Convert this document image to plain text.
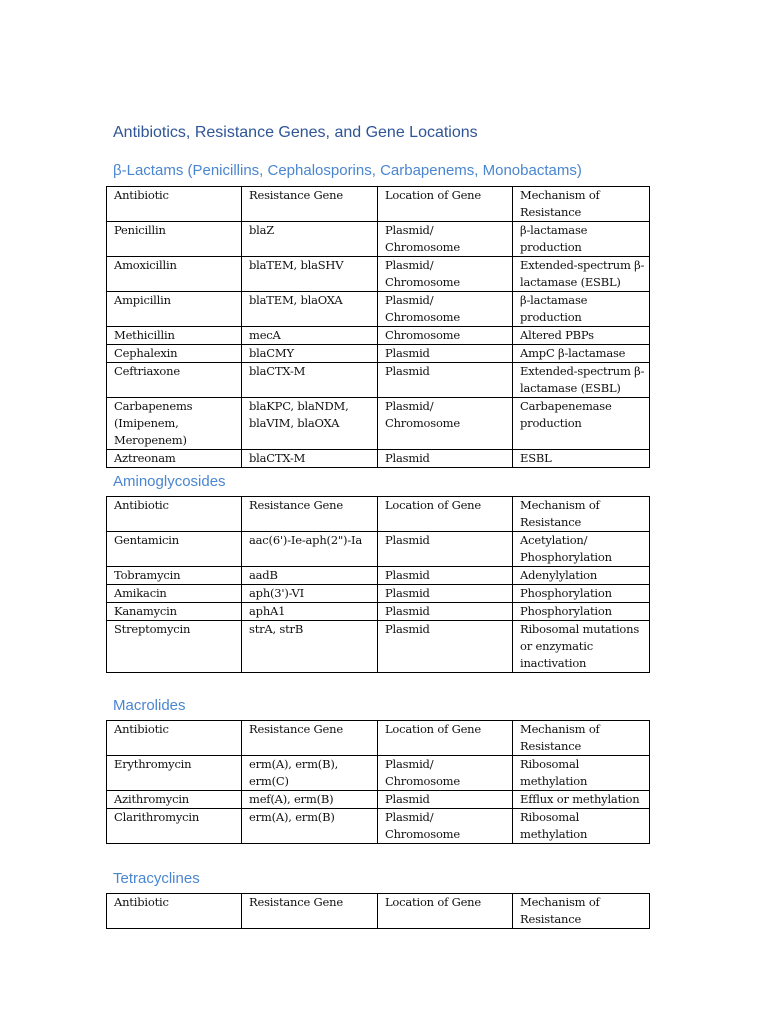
Antibiotics, Resistance Genes, and Gene Locations
β-Lactams (Penicillins, Cephalosporins, Carbapenems, Monobactams)
Antibiotic	Resistance Gene	Location of Gene	Mechanism of Resistance
Penicillin	blaZ	Plasmid/ Chromosome	β-lactamase production
Amoxicillin	blaTEM, blaSHV	Plasmid/ Chromosome	Extended-spectrum β-lactamase (ESBL)
Ampicillin	blaTEM, blaOXA	Plasmid/ Chromosome	β-lactamase production
Methicillin	mecA	Chromosome	Altered PBPs
Cephalexin	blaCMY	Plasmid	AmpC β-lactamase
Ceftriaxone	blaCTX-M	Plasmid	Extended-spectrum β-lactamase (ESBL)
Carbapenems (Imipenem, Meropenem)	blaKPC, blaNDM, blaVIM, blaOXA	Plasmid/ Chromosome	Carbapenemase production
Aztreonam	blaCTX-M	Plasmid	ESBL
Aminoglycosides
Antibiotic	Resistance Gene	Location of Gene	Mechanism of Resistance
Gentamicin	aac(6')-Ie-aph(2")-Ia	Plasmid	Acetylation/ Phosphorylation
Tobramycin	aadB	Plasmid	Adenylylation
Amikacin	aph(3')-VI	Plasmid	Phosphorylation
Kanamycin	aphA1	Plasmid	Phosphorylation
Streptomycin	strA, strB	Plasmid	Ribosomal mutations or enzymatic inactivation
Macrolides
Antibiotic	Resistance Gene	Location of Gene	Mechanism of Resistance
Erythromycin	erm(A), erm(B), erm(C)	Plasmid/ Chromosome	Ribosomal methylation
Azithromycin	mef(A), erm(B)	Plasmid	Efflux or methylation
Clarithromycin	erm(A), erm(B)	Plasmid/ Chromosome	Ribosomal methylation
Tetracyclines
Antibiotic	Resistance Gene	Location of Gene	Mechanism of Resistance
